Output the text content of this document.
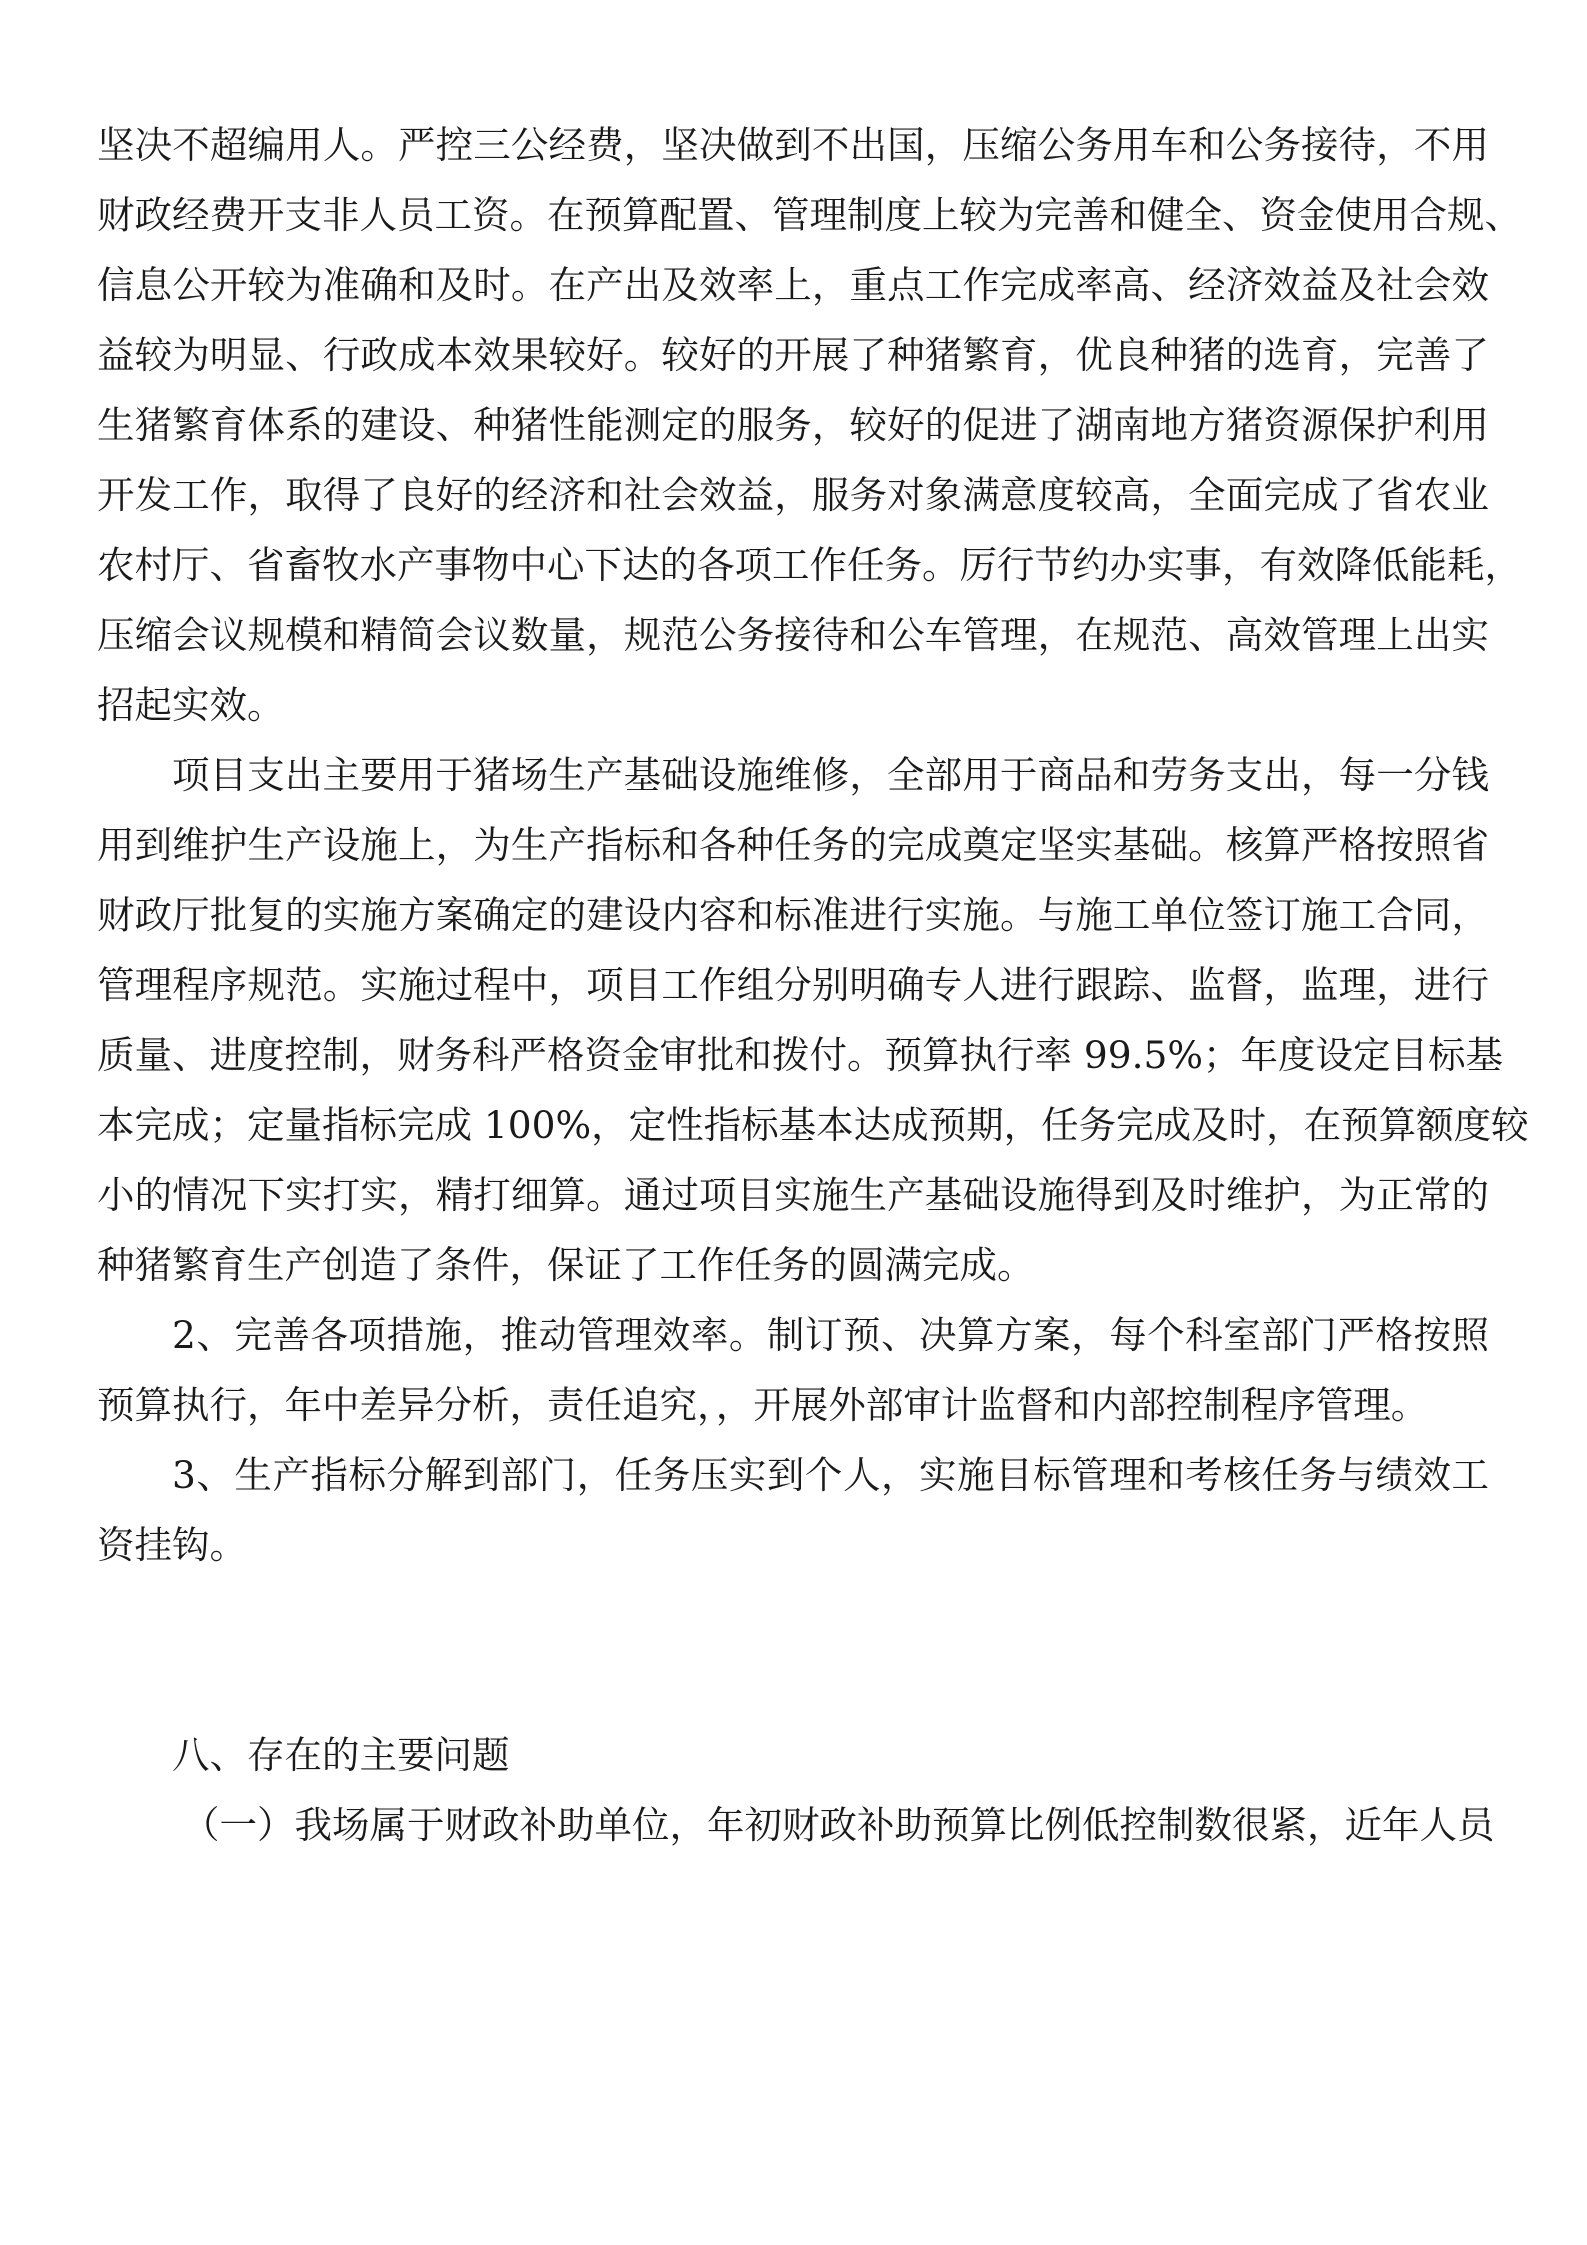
坚决不超编用人。严控三公经费，坚决做到不出国，压缩公务用车和公务接待，不用
财政经费开支非人员工资。在预算配置、管理制度上较为完善和健全、资金使用合规、
信息公开较为准确和及时。在产出及效率上，重点工作完成率高、经济效益及社会效
益较为明显、行政成本效果较好。较好的开展了种猪繁育，优良种猪的选育，完善了
生猪繁育体系的建设、种猪性能测定的服务，较好的促进了湖南地方猪资源保护利用
开发工作，取得了良好的经济和社会效益，服务对象满意度较高，全面完成了省农业
农村厅、省畜牧水产事物中心下达的各项工作任务。厉行节约办实事，有效降低能耗，
压缩会议规模和精简会议数量，规范公务接待和公车管理，在规范、高效管理上出实
招起实效。
项目支出主要用于猪场生产基础设施维修，全部用于商品和劳务支出，每一分钱
用到维护生产设施上，为生产指标和各种任务的完成奠定坚实基础。核算严格按照省
财政厅批复的实施方案确定的建设内容和标准进行实施。与施工单位签订施工合同，
管理程序规范。实施过程中，项目工作组分别明确专人进行跟踪、监督，监理，进行
质量、进度控制，财务科严格资金审批和拨付。预算执行率 99.5%；年度设定目标基
本完成；定量指标完成 100%，定性指标基本达成预期，任务完成及时，在预算额度较
小的情况下实打实，精打细算。通过项目实施生产基础设施得到及时维护，为正常的
种猪繁育生产创造了条件，保证了工作任务的圆满完成。
2、完善各项措施，推动管理效率。制订预、决算方案，每个科室部门严格按照
预算执行，年中差异分析，责任追究，，开展外部审计监督和内部控制程序管理。
3、生产指标分解到部门，任务压实到个人，实施目标管理和考核任务与绩效工
资挂钩。
八、存在的主要问题
（一）我场属于财政补助单位，年初财政补助预算比例低控制数很紧，近年人员
